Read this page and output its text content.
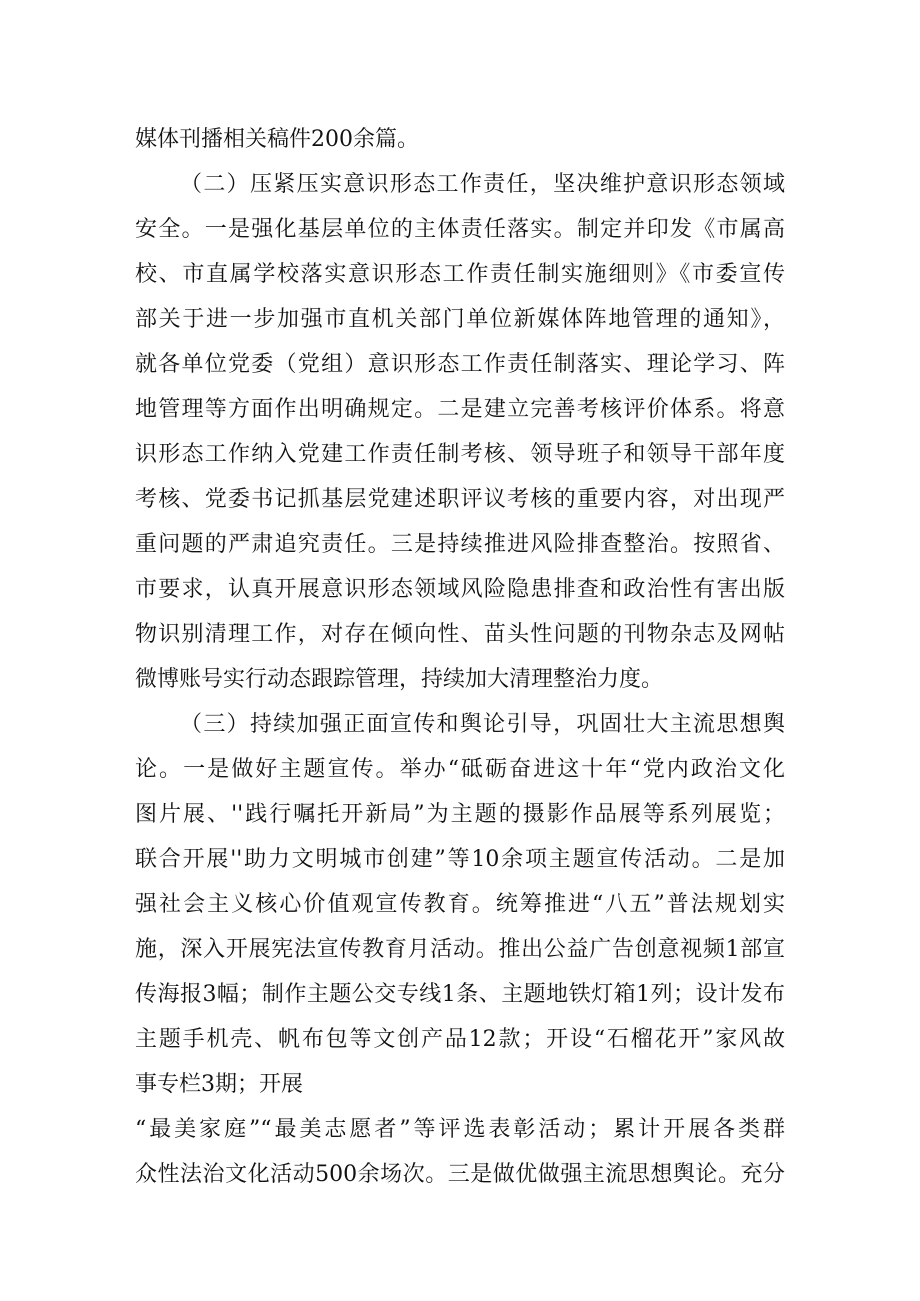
媒体刊播相关稿件200余篇。
（二）压紧压实意识形态工作责任，坚决维护意识形态领域
安全。一是强化基层单位的主体责任落实。制定并印发《市属高
校、市直属学校落实意识形态工作责任制实施细则》《市委宣传
部关于进一步加强市直机关部门单位新媒体阵地管理的通知》，
就各单位党委（党组）意识形态工作责任制落实、理论学习、阵
地管理等方面作出明确规定。二是建立完善考核评价体系。将意
识形态工作纳入党建工作责任制考核、领导班子和领导干部年度
考核、党委书记抓基层党建述职评议考核的重要内容，对出现严
重问题的严肃追究责任。三是持续推进风险排查整治。按照省、
市要求，认真开展意识形态领域风险隐患排查和政治性有害出版
物识别清理工作，对存在倾向性、苗头性问题的刊物杂志及网帖
微博账号实行动态跟踪管理，持续加大清理整治力度。
（三）持续加强正面宣传和舆论引导，巩固壮大主流思想舆
论。一是做好主题宣传。举办“砥砺奋进这十年“党内政治文化
图片展、''践行嘱托开新局”为主题的摄影作品展等系列展览；
联合开展''助力文明城市创建”等10余项主题宣传活动。二是加
强社会主义核心价值观宣传教育。统筹推进“八五”普法规划实
施，深入开展宪法宣传教育月活动。推出公益广告创意视频1部宣
传海报3幅；制作主题公交专线1条、主题地铁灯箱1列；设计发布
主题手机壳、帆布包等文创产品12款；开设“石榴花开”家风故
事专栏3期；开展
“最美家庭”“最美志愿者”等评选表彰活动；累计开展各类群
众性法治文化活动500余场次。三是做优做强主流思想舆论。充分
